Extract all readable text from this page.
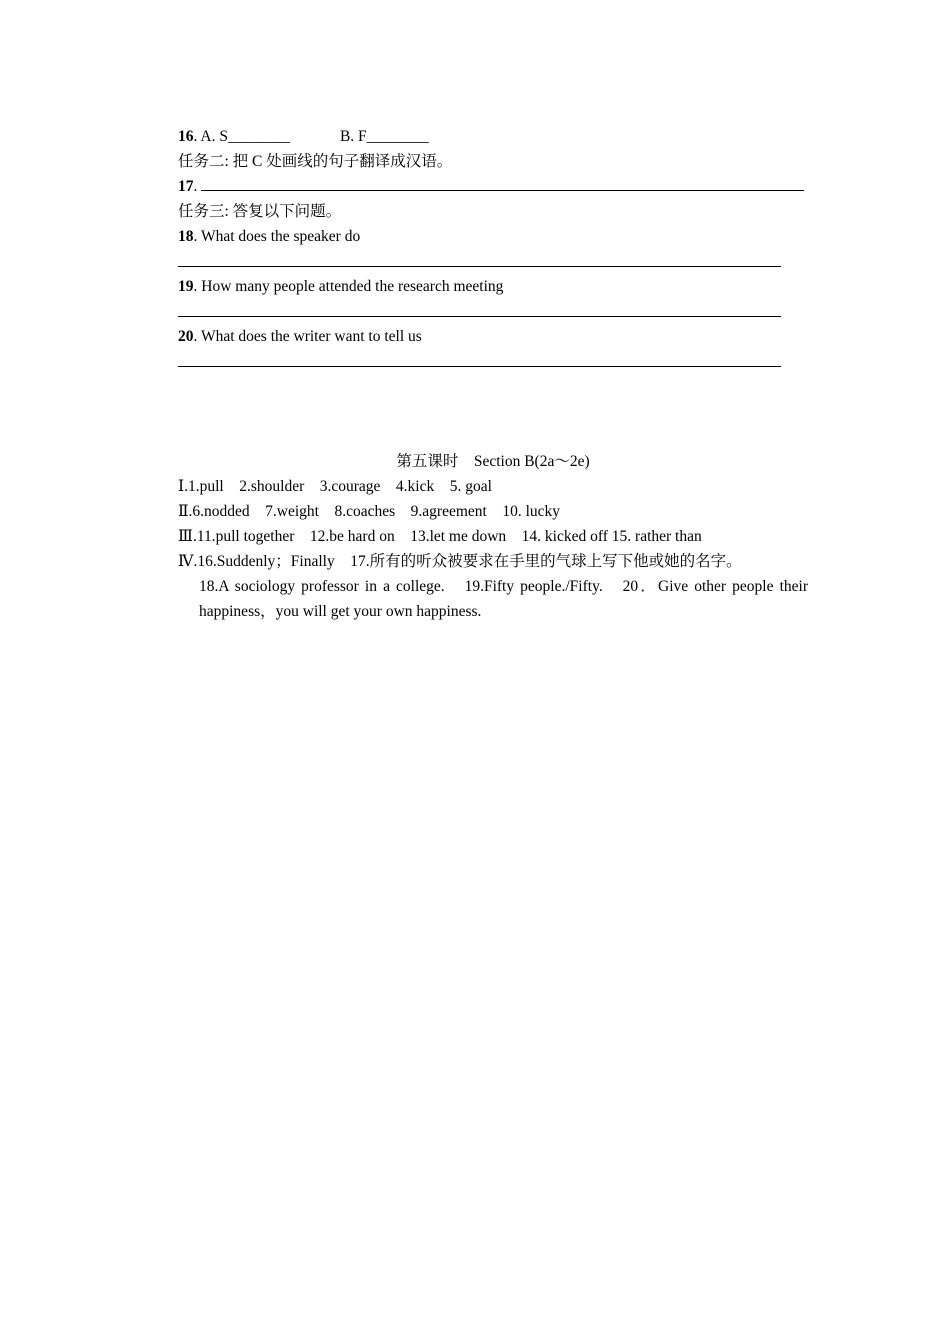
16. A. S________	B. F________
任务二: 把 C 处画线的句子翻译成汉语。
17.
任务三: 答复以下问题。
18. What does the speaker do
19. How many people attended the research meeting
20. What does the writer want to tell us
第五课时　Section B(2a～2e)
Ⅰ.1.pull　2.shoulder　3.courage　4.kick　5. goal
Ⅱ.6.nodded　7.weight　8.coaches　9.agreement　10. lucky
Ⅲ.11.pull together　12.be hard on　13.let me down　14. kicked off 15. rather than
Ⅳ.16.Suddenly；Finally　17.所有的听众被要求在手里的气球上写下他或她的名字。
18.A sociology professor in a college.　19.Fifty people./Fifty.　20．Give other people their happiness，you will get your own happiness.
